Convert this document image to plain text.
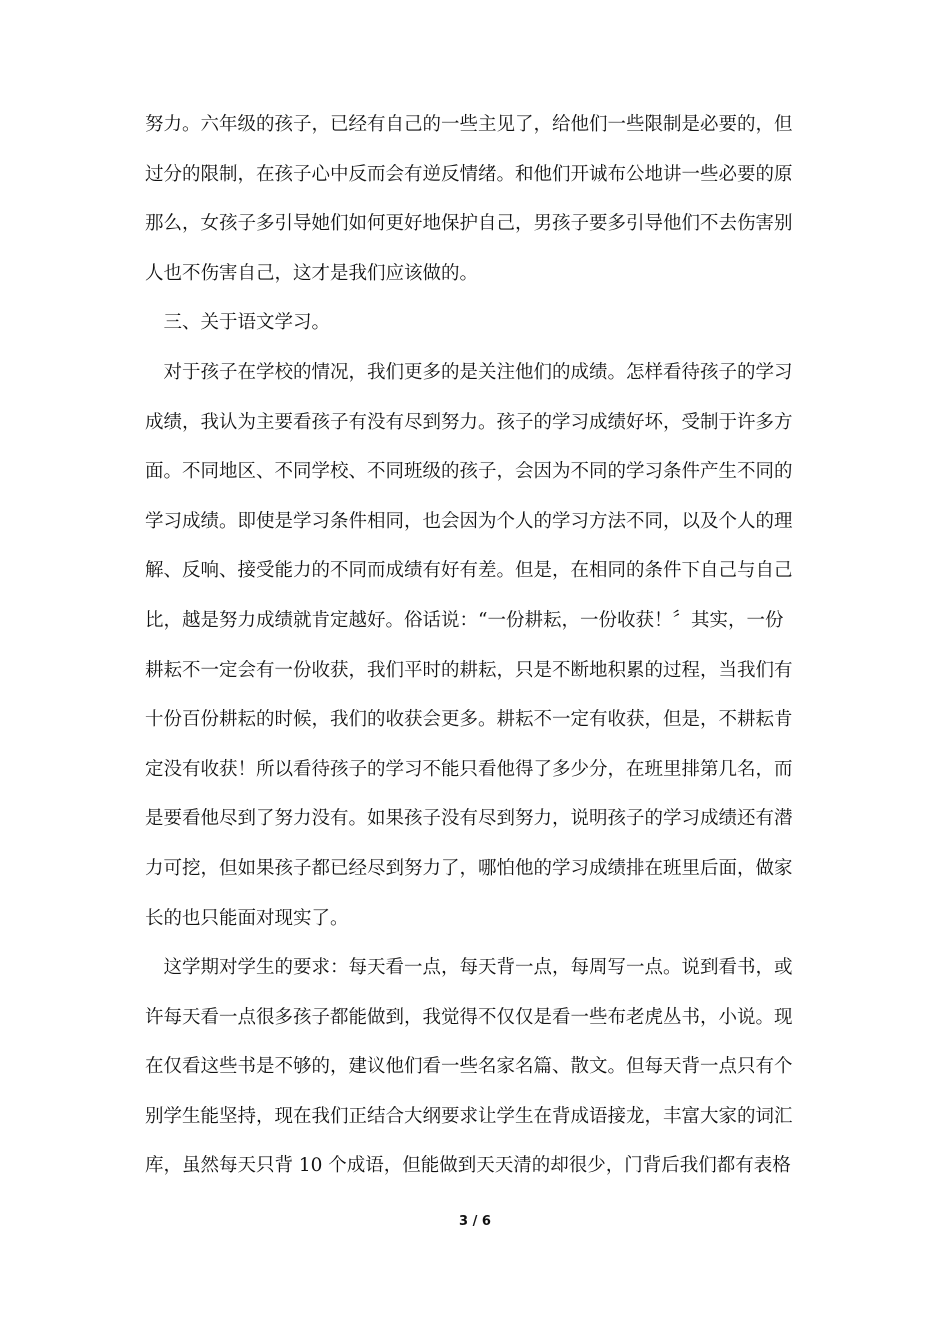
努力。六年级的孩子，已经有自己的一些主见了，给他们一些限制是必要的，但
过分的限制，在孩子心中反而会有逆反情绪。和他们开诚布公地讲一些必要的原
那么，女孩子多引导她们如何更好地保护自己，男孩子要多引导他们不去伤害别
人也不伤害自己，这才是我们应该做的。
　三、关于语文学习。
　对于孩子在学校的情况，我们更多的是关注他们的成绩。怎样看待孩子的学习
成绩，我认为主要看孩子有没有尽到努力。孩子的学习成绩好坏，受制于许多方
面。不同地区、不同学校、不同班级的孩子，会因为不同的学习条件产生不同的
学习成绩。即使是学习条件相同，也会因为个人的学习方法不同，以及个人的理
解、反响、接受能力的不同而成绩有好有差。但是，在相同的条件下自己与自己
比，越是努力成绩就肯定越好。俗话说：“一份耕耘，一份收获！〞其实，一份
耕耘不一定会有一份收获，我们平时的耕耘，只是不断地积累的过程，当我们有
十份百份耕耘的时候，我们的收获会更多。耕耘不一定有收获，但是，不耕耘肯
定没有收获！所以看待孩子的学习不能只看他得了多少分，在班里排第几名，而
是要看他尽到了努力没有。如果孩子没有尽到努力，说明孩子的学习成绩还有潜
力可挖，但如果孩子都已经尽到努力了，哪怕他的学习成绩排在班里后面，做家
长的也只能面对现实了。
　这学期对学生的要求：每天看一点，每天背一点，每周写一点。说到看书，或
许每天看一点很多孩子都能做到，我觉得不仅仅是看一些布老虎丛书，小说。现
在仅看这些书是不够的，建议他们看一些名家名篇、散文。但每天背一点只有个
别学生能坚持，现在我们正结合大纲要求让学生在背成语接龙，丰富大家的词汇
库，虽然每天只背 10 个成语，但能做到天天清的却很少，门背后我们都有表格
3 / 6
